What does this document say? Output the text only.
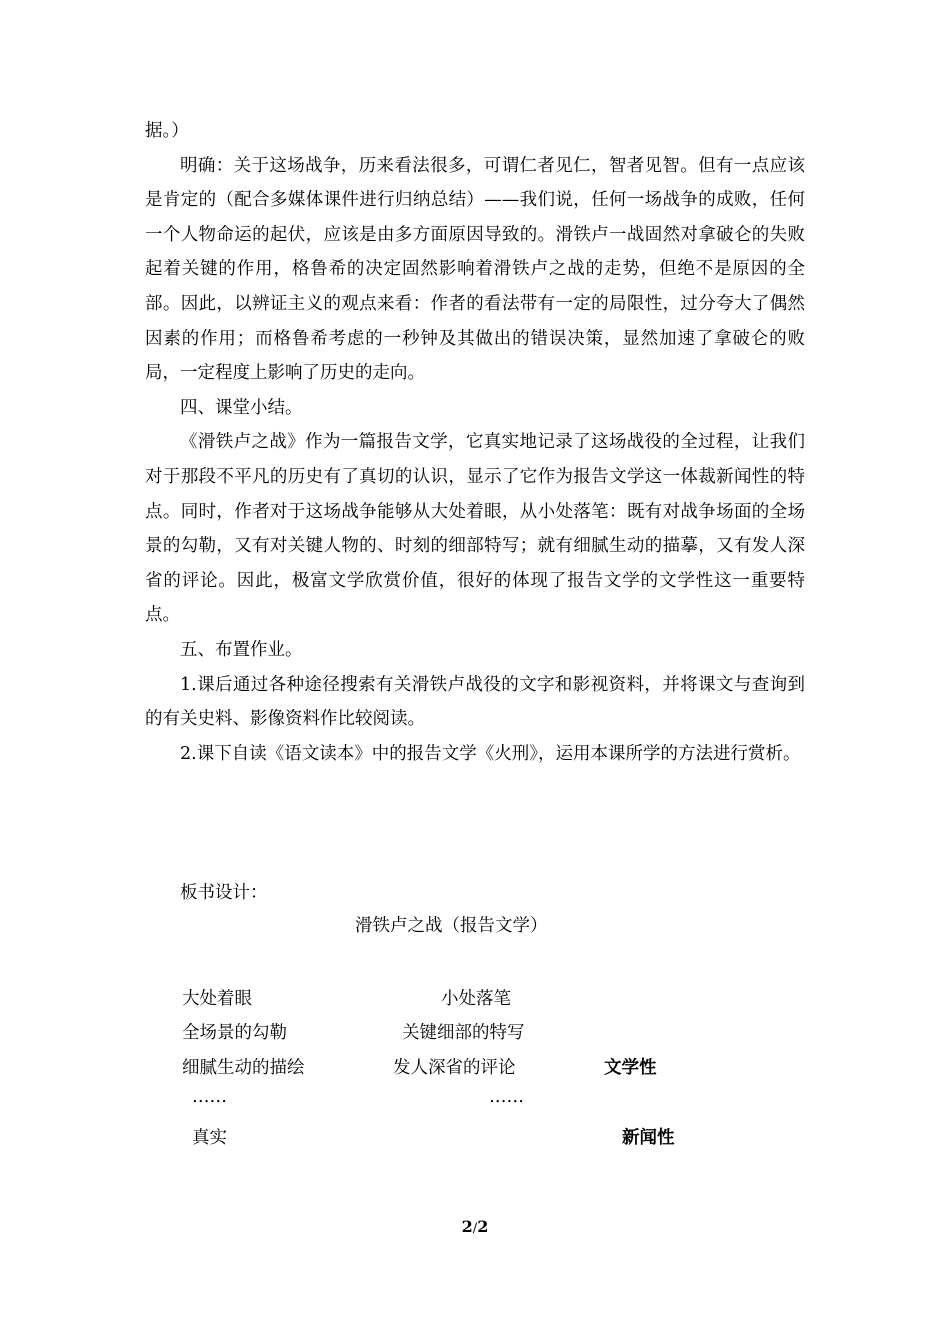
据。）

明确：关于这场战争，历来看法很多，可谓仁者见仁，智者见智。但有一点应该是肯定的（配合多媒体课件进行归纳总结）——我们说，任何一场战争的成败，任何一个人物命运的起伏，应该是由多方面原因导致的。滑铁卢一战固然对拿破仑的失败起着关键的作用，格鲁希的决定固然影响着滑铁卢之战的走势，但绝不是原因的全部。因此，以辨证主义的观点来看：作者的看法带有一定的局限性，过分夸大了偶然因素的作用；而格鲁希考虑的一秒钟及其做出的错误决策，显然加速了拿破仑的败局，一定程度上影响了历史的走向。

四、课堂小结。

《滑铁卢之战》作为一篇报告文学，它真实地记录了这场战役的全过程，让我们对于那段不平凡的历史有了真切的认识，显示了它作为报告文学这一体裁新闻性的特点。同时，作者对于这场战争能够从大处着眼，从小处落笔：既有对战争场面的全场景的勾勒，又有对关键人物的、时刻的细部特写；就有细腻生动的描摹，又有发人深省的评论。因此，极富文学欣赏价值，很好的体现了报告文学的文学性这一重要特点。

五、布置作业。

1.课后通过各种途径搜索有关滑铁卢战役的文字和影视资料，并将课文与查询到的有关史料、影像资料作比较阅读。

2.课下自读《语文读本》中的报告文学《火刑》，运用本课所学的方法进行赏析。

板书设计：
滑铁卢之战（报告文学）
大处着眼
全场景的勾勒
细腻生动的描绘
……
真实
小处落笔
关键细部的特写
发人深省的评论
……
文学性
新闻性
2/2
